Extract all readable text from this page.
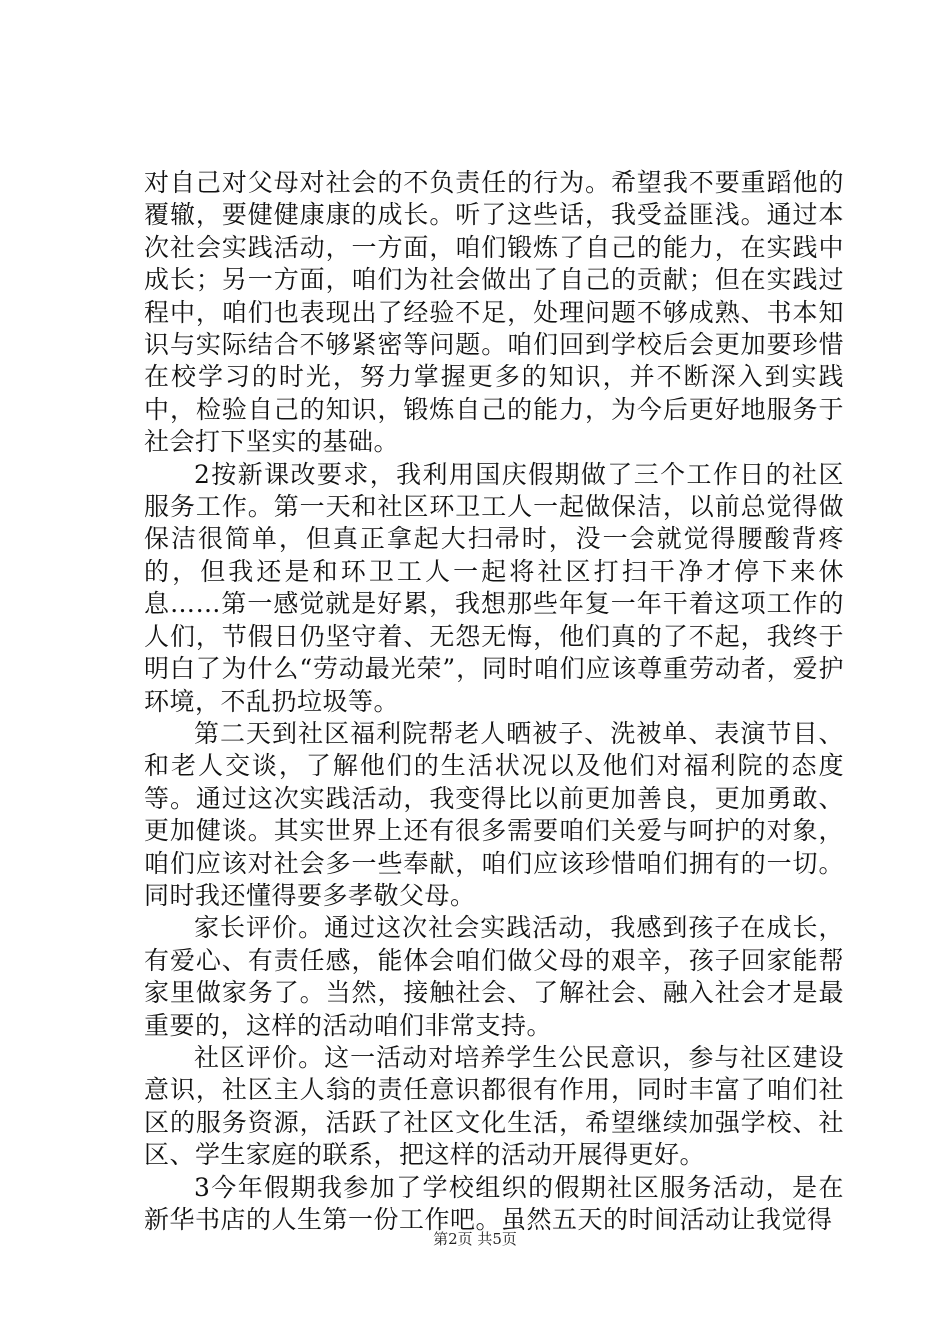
对自己对父母对社会的不负责任的行为。希望我不要重蹈他的覆辙，要健健康康的成长。听了这些话，我受益匪浅。通过本次社会实践活动，一方面，咱们锻炼了自己的能力，在实践中成长；另一方面，咱们为社会做出了自己的贡献；但在实践过程中，咱们也表现出了经验不足，处理问题不够成熟、书本知识与实际结合不够紧密等问题。咱们回到学校后会更加要珍惜在校学习的时光，努力掌握更多的知识，并不断深入到实践中，检验自己的知识，锻炼自己的能力，为今后更好地服务于社会打下坚实的基础。

2按新课改要求，我利用国庆假期做了三个工作日的社区服务工作。第一天和社区环卫工人一起做保洁，以前总觉得做保洁很简单，但真正拿起大扫帚时，没一会就觉得腰酸背疼的，但我还是和环卫工人一起将社区打扫干净才停下来休息……第一感觉就是好累，我想那些年复一年干着这项工作的人们，节假日仍坚守着、无怨无悔，他们真的了不起，我终于明白了为什么“劳动最光荣”，同时咱们应该尊重劳动者，爱护环境，不乱扔垃圾等。

第二天到社区福利院帮老人晒被子、洗被单、表演节目、和老人交谈，了解他们的生活状况以及他们对福利院的态度等。通过这次实践活动，我变得比以前更加善良，更加勇敢、更加健谈。其实世界上还有很多需要咱们关爱与呵护的对象，咱们应该对社会多一些奉献，咱们应该珍惜咱们拥有的一切。同时我还懂得要多孝敬父母。

家长评价。通过这次社会实践活动，我感到孩子在成长，有爱心、有责任感，能体会咱们做父母的艰辛，孩子回家能帮家里做家务了。当然，接触社会、了解社会、融入社会才是最重要的，这样的活动咱们非常支持。

社区评价。这一活动对培养学生公民意识，参与社区建设意识，社区主人翁的责任意识都很有作用，同时丰富了咱们社区的服务资源，活跃了社区文化生活，希望继续加强学校、社区、学生家庭的联系，把这样的活动开展得更好。

3今年假期我参加了学校组织的假期社区服务活动，是在新华书店的人生第一份工作吧。虽然五天的时间活动让我觉得

第2页 共5页
